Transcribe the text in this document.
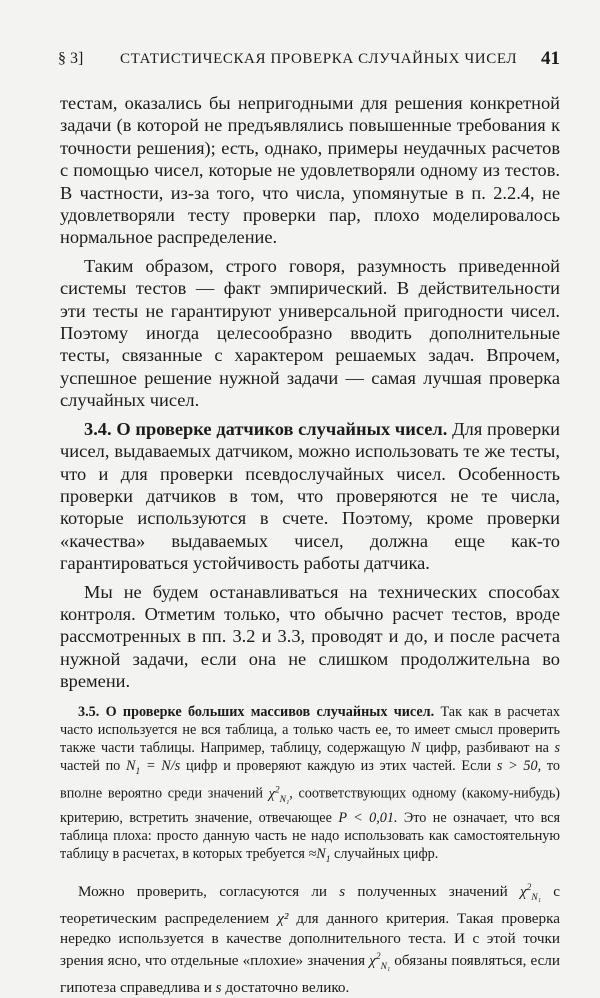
§ 3] СТАТИСТИЧЕСКАЯ ПРОВЕРКА СЛУЧАЙНЫХ ЧИСЕЛ 41

тестам, оказались бы непригодными для решения конкретной задачи (в которой не предъявлялись повышенные требования к точности решения); есть, однако, примеры неудачных расчетов с помощью чисел, которые не удовлетворяли одному из тестов. В частности, из-за того, что числа, упомянутые в п. 2.2.4, не удовлетворяли тесту проверки пар, плохо моделировалось нормальное распределение.

Таким образом, строго говоря, разумность приведенной системы тестов — факт эмпирический. В действительности эти тесты не гарантируют универсальной пригодности чисел. Поэтому иногда целесообразно вводить дополнительные тесты, связанные с характером решаемых задач. Впрочем, успешное решение нужной задачи — самая лучшая проверка случайных чисел.

3.4. О проверке датчиков случайных чисел. Для проверки чисел, выдаваемых датчиком, можно использовать те же тесты, что и для проверки псевдослучайных чисел. Особенность проверки датчиков в том, что проверяются не те числа, которые используются в счете. Поэтому, кроме проверки «качества» выдаваемых чисел, должна еще как-то гарантироваться устойчивость работы датчика.

Мы не будем останавливаться на технических способах контроля. Отметим только, что обычно расчет тестов, вроде рассмотренных в пп. 3.2 и 3.3, проводят и до, и после расчета нужной задачи, если она не слишком продолжительна во времени.

3.5. О проверке больших массивов случайных чисел. Так как в расчетах часто используется не вся таблица, а только часть ее, то имеет смысл проверить также части таблицы. Например, таблицу, содержащую N цифр, разбивают на s частей по $N_1 = N/s$ цифр и проверяют каждую из этих частей. Если s > 50, то вполне вероятно среди значений $\chi^2_{N_1}$, соответствующих одному (какому-нибудь) критерию, встретить значение, отвечающее P < 0,01. Это не означает, что вся таблица плоха: просто данную часть не надо использовать как самостоятельную таблицу в расчетах, в которых требуется $\approx N_1$ случайных цифр.

Можно проверить, согласуются ли s полученных значений $\chi^2_{N_1}$ с теоретическим распределением χ² для данного критерия. Такая проверка нередко используется в качестве дополнительного теста. И с этой точки зрения ясно, что отдельные «плохие» значения $\chi^2_{N_1}$ обязаны появляться, если гипотеза справедлива и s достаточно велико.
